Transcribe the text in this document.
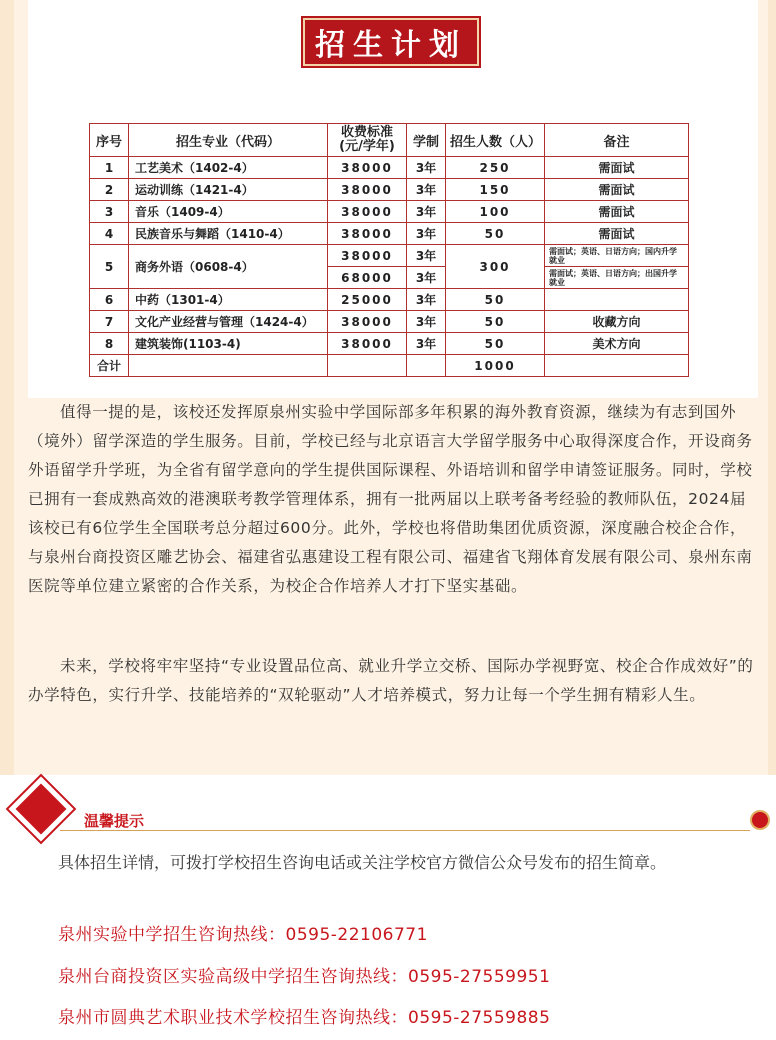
招生计划
序号	招生专业（代码）	收费标准(元/学年)	学制	招生人数（人）	备注
1	工艺美术（1402-4）	38000	3年	250	需面试
2	运动训练（1421-4）	38000	3年	150	需面试
3	音乐（1409-4）	38000	3年	100	需面试
4	民族音乐与舞蹈（1410-4）	38000	3年	50	需面试
5	商务外语（0608-4）	38000	3年	300	需面试；英语、日语方向；国内升学就业
		68000	3年		需面试；英语、日语方向；出国升学就业
6	中药（1301-4）	25000	3年	50	
7	文化产业经营与管理（1424-4）	38000	3年	50	收藏方向
8	建筑装饰(1103-4)	38000	3年	50	美术方向
合计				1000	

值得一提的是，该校还发挥原泉州实验中学国际部多年积累的海外教育资源，继续为有志到国外（境外）留学深造的学生服务。目前，学校已经与北京语言大学留学服务中心取得深度合作，开设商务外语留学升学班，为全省有留学意向的学生提供国际课程、外语培训和留学申请签证服务。同时，学校已拥有一套成熟高效的港澳联考教学管理体系，拥有一批两届以上联考备考经验的教师队伍，2024届该校已有6位学生全国联考总分超过600分。此外，学校也将借助集团优质资源，深度融合校企合作，与泉州台商投资区雕艺协会、福建省弘惠建设工程有限公司、福建省飞翔体育发展有限公司、泉州东南医院等单位建立紧密的合作关系，为校企合作培养人才打下坚实基础。

未来，学校将牢牢坚持“专业设置品位高、就业升学立交桥、国际办学视野宽、校企合作成效好”的办学特色，实行升学、技能培养的“双轮驱动”人才培养模式，努力让每一个学生拥有精彩人生。

温馨提示

具体招生详情，可拨打学校招生咨询电话或关注学校官方微信公众号发布的招生简章。

泉州实验中学招生咨询热线：0595-22106771
泉州台商投资区实验高级中学招生咨询热线：0595-27559951
泉州市圆典艺术职业技术学校招生咨询热线：0595-27559885
